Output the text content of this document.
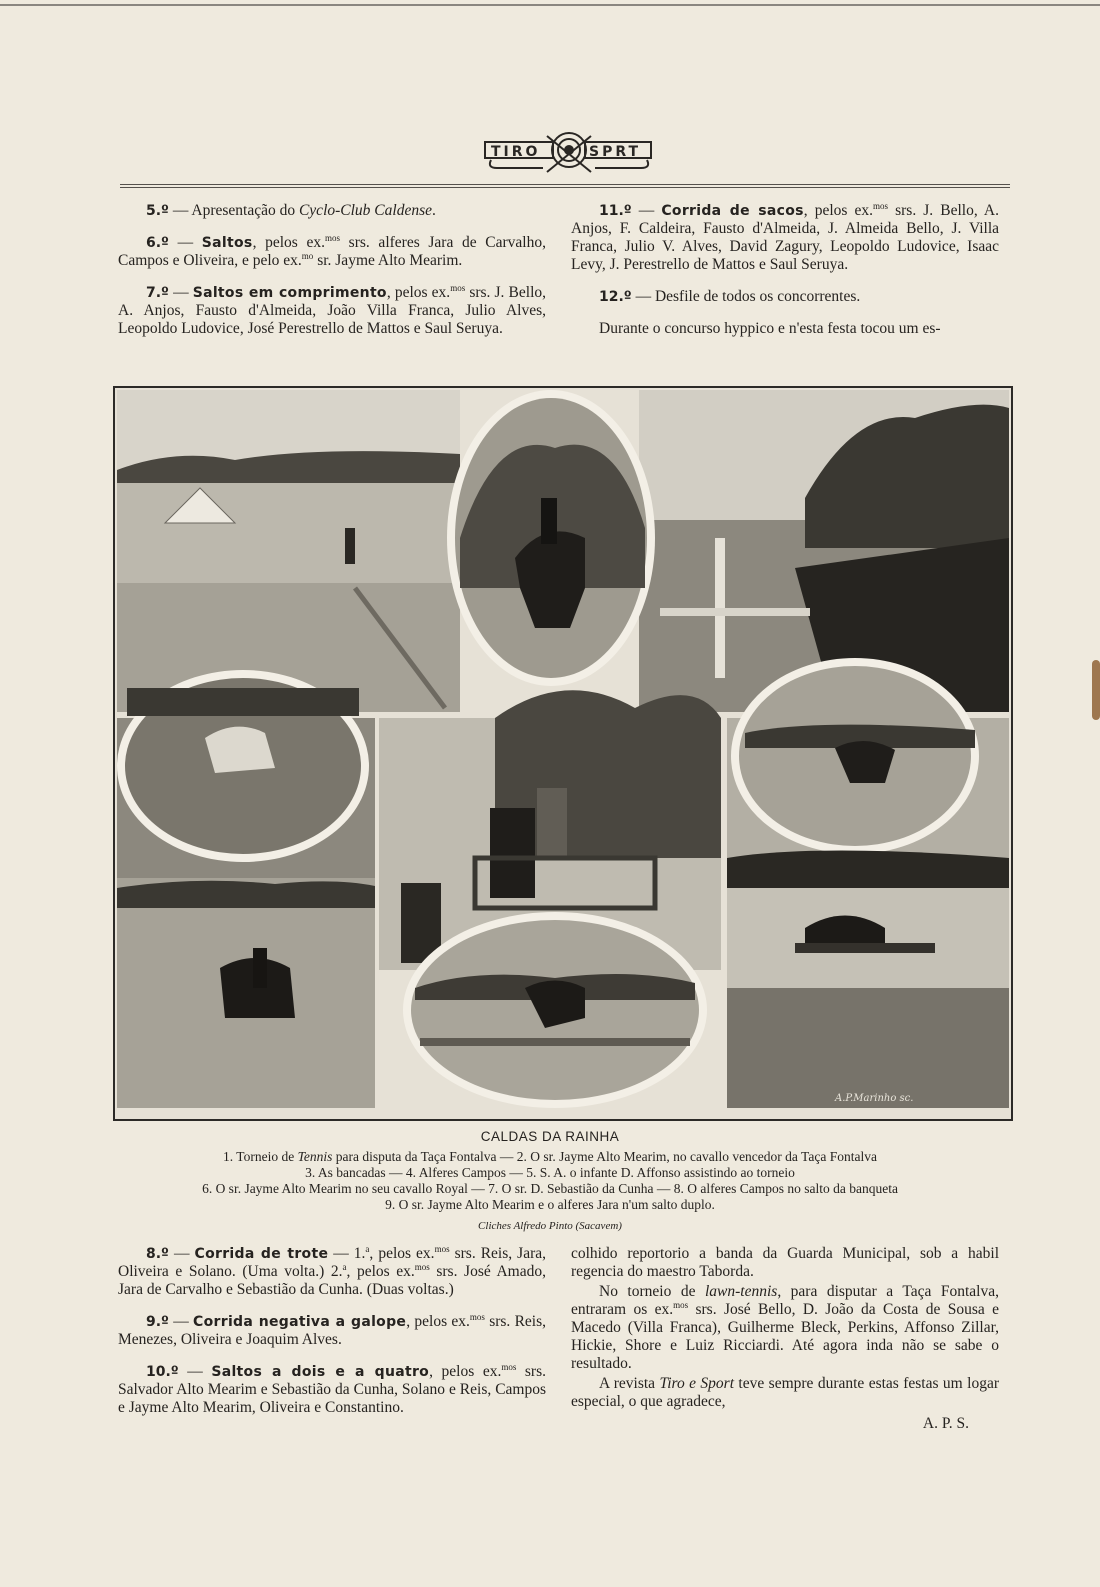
TIRO	SPRT

5.º — Apresentação do Cyclo-Club Caldense.

6.º — Saltos, pelos ex.$^{mos}$ srs. alferes Jara de Carvalho, Campos e Oliveira, e pelo ex.$^{mo}$ sr. Jayme Alto Mearim.

7.º — Saltos em comprimento, pelos ex.$^{mos}$ srs. J. Bello, A. Anjos, Fausto d'Almeida, João Villa Franca, Julio Alves, Leopoldo Ludovice, José Perestrello de Mattos e Saul Seruya.

11.º — Corrida de sacos, pelos ex.$^{mos}$ srs. J. Bello, A. Anjos, F. Caldeira, Fausto d'Almeida, J. Almeida Bello, J. Villa Franca, Julio V. Alves, David Zagury, Leopoldo Ludovice, Isaac Levy, J. Perestrello de Mattos e Saul Seruya.

12.º — Desfile de todos os concorrentes.

Durante o concurso hyppico e n'esta festa tocou um es-

A.P.Marinho sc.
CALDAS DA RAINHA
1. Torneio de Tennis para disputa da Taça Fontalva — 2. O sr. Jayme Alto Mearim, no cavallo vencedor da Taça Fontalva
3. As bancadas — 4. Alferes Campos — 5. S. A. o infante D. Affonso assistindo ao torneio
6. O sr. Jayme Alto Mearim no seu cavallo Royal — 7. O sr. D. Sebastião da Cunha — 8. O alferes Campos no salto da banqueta
9. O sr. Jayme Alto Mearim e o alferes Jara n'um salto duplo.
Cliches Alfredo Pinto (Sacavem)

8.º — Corrida de trote — 1.$^a$, pelos ex.$^{mos}$ srs. Reis, Jara, Oliveira e Solano. (Uma volta.) 2.$^a$, pelos ex.$^{mos}$ srs. José Amado, Jara de Carvalho e Sebastião da Cunha. (Duas voltas.)

9.º — Corrida negativa a galope, pelos ex.$^{mos}$ srs. Reis, Menezes, Oliveira e Joaquim Alves.

10.º — Saltos a dois e a quatro, pelos ex.$^{mos}$ srs. Salvador Alto Mearim e Sebastião da Cunha, Solano e Reis, Campos e Jayme Alto Mearim, Oliveira e Constantino.

colhido reportorio a banda da Guarda Municipal, sob a habil regencia do maestro Taborda.

No torneio de lawn-tennis, para disputar a Taça Fontalva, entraram os ex.$^{mos}$ srs. José Bello, D. João da Costa de Sousa e Macedo (Villa Franca), Guilherme Bleck, Perkins, Affonso Zillar, Hickie, Shore e Luiz Ricciardi. Até agora inda não se sabe o resultado.

A revista Tiro e Sport teve sempre durante estas festas um logar especial, o que agradece,

A. P. S.
